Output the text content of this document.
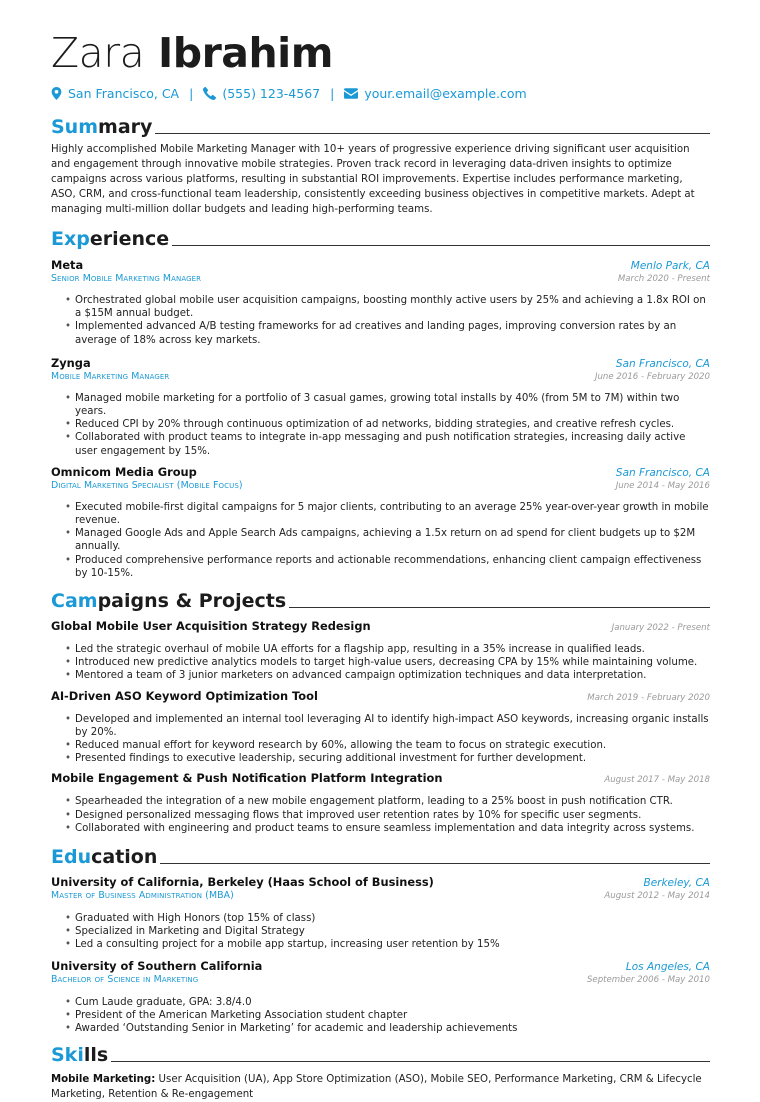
Zara Ibrahim
San Francisco, CA | (555) 123-4567 | your.email@example.com
Summary

Highly accomplished Mobile Marketing Manager with 10+ years of progressive experience driving significant user acquisition and engagement through innovative mobile strategies. Proven track record in leveraging data-driven insights to optimize campaigns across various platforms, resulting in substantial ROI improvements. Expertise includes performance marketing, ASO, CRM, and cross-functional team leadership, consistently exceeding business objectives in competitive markets. Adept at managing multi-million dollar budgets and leading high-performing teams.

Experience
Meta	Menlo Park, CA
Senior Mobile Marketing Manager	March 2020 - Present
• Orchestrated global mobile user acquisition campaigns, boosting monthly active users by 25% and achieving a 1.8x ROI on a $15M annual budget.
• Implemented advanced A/B testing frameworks for ad creatives and landing pages, improving conversion rates by an average of 18% across key markets.
Zynga	San Francisco, CA
Mobile Marketing Manager	June 2016 - February 2020
• Managed mobile marketing for a portfolio of 3 casual games, growing total installs by 40% (from 5M to 7M) within two years.
• Reduced CPI by 20% through continuous optimization of ad networks, bidding strategies, and creative refresh cycles.
• Collaborated with product teams to integrate in-app messaging and push notification strategies, increasing daily active user engagement by 15%.
Omnicom Media Group	San Francisco, CA
Digital Marketing Specialist (Mobile Focus)	June 2014 - May 2016
• Executed mobile-first digital campaigns for 5 major clients, contributing to an average 25% year-over-year growth in mobile revenue.
• Managed Google Ads and Apple Search Ads campaigns, achieving a 1.5x return on ad spend for client budgets up to $2M annually.
• Produced comprehensive performance reports and actionable recommendations, enhancing client campaign effectiveness by 10-15%.
Campaigns & Projects
Global Mobile User Acquisition Strategy Redesign	January 2022 - Present
• Led the strategic overhaul of mobile UA efforts for a flagship app, resulting in a 35% increase in qualified leads.
• Introduced new predictive analytics models to target high-value users, decreasing CPA by 15% while maintaining volume.
• Mentored a team of 3 junior marketers on advanced campaign optimization techniques and data interpretation.
AI-Driven ASO Keyword Optimization Tool	March 2019 - February 2020
• Developed and implemented an internal tool leveraging AI to identify high-impact ASO keywords, increasing organic installs by 20%.
• Reduced manual effort for keyword research by 60%, allowing the team to focus on strategic execution.
• Presented findings to executive leadership, securing additional investment for further development.
Mobile Engagement & Push Notification Platform Integration	August 2017 - May 2018
• Spearheaded the integration of a new mobile engagement platform, leading to a 25% boost in push notification CTR.
• Designed personalized messaging flows that improved user retention rates by 10% for specific user segments.
• Collaborated with engineering and product teams to ensure seamless implementation and data integrity across systems.
Education
University of California, Berkeley (Haas School of Business)	Berkeley, CA
Master of Business Administration (MBA)	August 2012 - May 2014
• Graduated with High Honors (top 15% of class)
• Specialized in Marketing and Digital Strategy
• Led a consulting project for a mobile app startup, increasing user retention by 15%
University of Southern California	Los Angeles, CA
Bachelor of Science in Marketing	September 2006 - May 2010
• Cum Laude graduate, GPA: 3.8/4.0
• President of the American Marketing Association student chapter
• Awarded ‘Outstanding Senior in Marketing’ for academic and leadership achievements
Skills

Mobile Marketing: User Acquisition (UA), App Store Optimization (ASO), Mobile SEO, Performance Marketing, CRM & Lifecycle Marketing, Retention & Re-engagement
